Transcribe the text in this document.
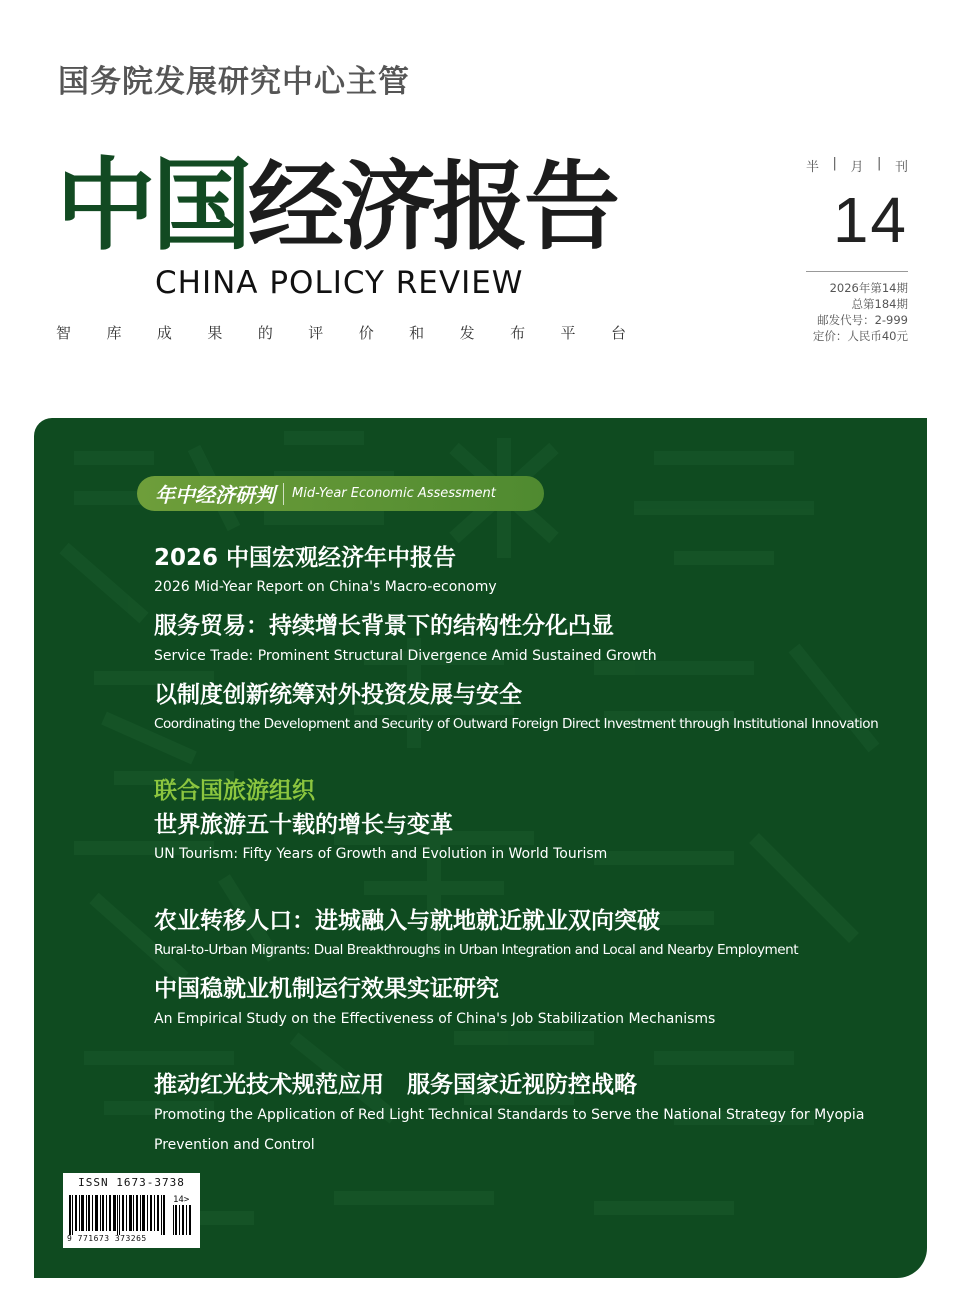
国务院发展研究中心主管
中国经济报告
CHINA POLICY REVIEW
智 库 成 果 的 评 价 和 发 布 平 台
半 | 月 | 刊
14
2026年第14期
总第184期
邮发代号：2-999
定价：人民币40元
年中经济研判 Mid-Year Economic Assessment
2026 中国宏观经济年中报告
2026 Mid-Year Report on China's Macro-economy
服务贸易：持续增长背景下的结构性分化凸显
Service Trade: Prominent Structural Divergence Amid Sustained Growth
以制度创新统筹对外投资发展与安全
Coordinating the Development and Security of Outward Foreign Direct Investment through Institutional Innovation
联合国旅游组织
世界旅游五十载的增长与变革
UN Tourism: Fifty Years of Growth and Evolution in World Tourism
农业转移人口：进城融入与就地就近就业双向突破
Rural-to-Urban Migrants: Dual Breakthroughs in Urban Integration and Local and Nearby Employment
中国稳就业机制运行效果实证研究
An Empirical Study on the Effectiveness of China's Job Stabilization Mechanisms
推动红光技术规范应用　服务国家近视防控战略
Promoting the Application of Red Light Technical Standards to Serve the National Strategy for Myopia
Prevention and Control
ISSN 1673-3738
14>
9 771673 373265
